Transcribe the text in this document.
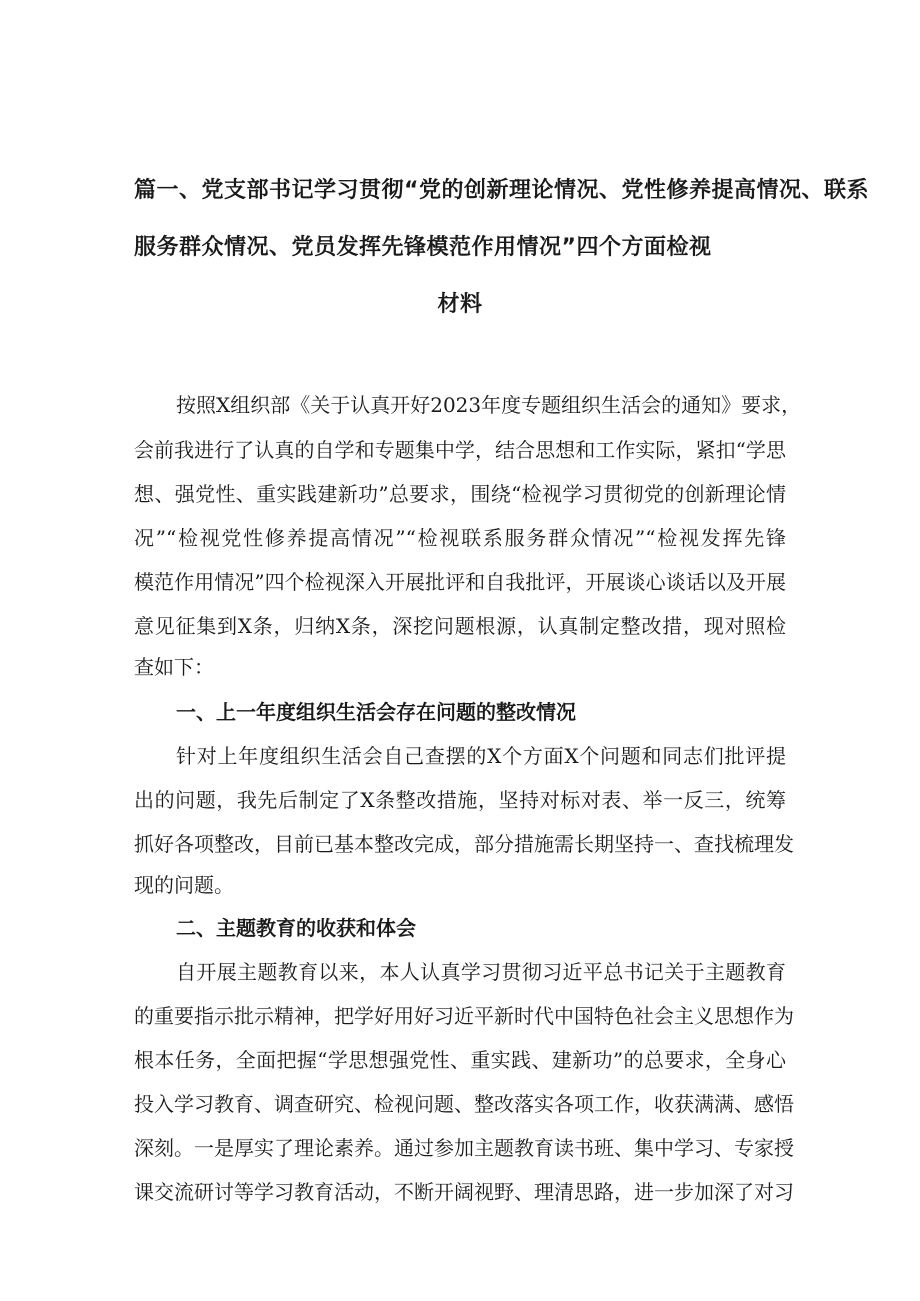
篇一、党支部书记学习贯彻“党的创新理论情况、党性修养提高情况、联系
服务群众情况、党员发挥先锋模范作用情况”四个方面检视
材料
按照X组织部《关于认真开好2023年度专题组织生活会的通知》要求，
会前我进行了认真的自学和专题集中学，结合思想和工作实际，紧扣“学思
想、强党性、重实践建新功”总要求，围绕“检视学习贯彻党的创新理论情
况”“检视党性修养提高情况”“检视联系服务群众情况”“检视发挥先锋
模范作用情况”四个检视深入开展批评和自我批评，开展谈心谈话以及开展
意见征集到X条，归纳X条，深挖问题根源，认真制定整改措，现对照检
查如下：
一、上一年度组织生活会存在问题的整改情况
针对上年度组织生活会自己查摆的X个方面X个问题和同志们批评提
出的问题，我先后制定了X条整改措施，坚持对标对表、举一反三，统筹
抓好各项整改，目前已基本整改完成，部分措施需长期坚持一、查找梳理发
现的问题。
二、主题教育的收获和体会
自开展主题教育以来，本人认真学习贯彻习近平总书记关于主题教育
的重要指示批示精神，把学好用好习近平新时代中国特色社会主义思想作为
根本任务，全面把握“学思想强党性、重实践、建新功”的总要求，全身心
投入学习教育、调查研究、检视问题、整改落实各项工作，收获满满、感悟
深刻。一是厚实了理论素养。通过参加主题教育读书班、集中学习、专家授
课交流研讨等学习教育活动，不断开阔视野、理清思路，进一步加深了对习
